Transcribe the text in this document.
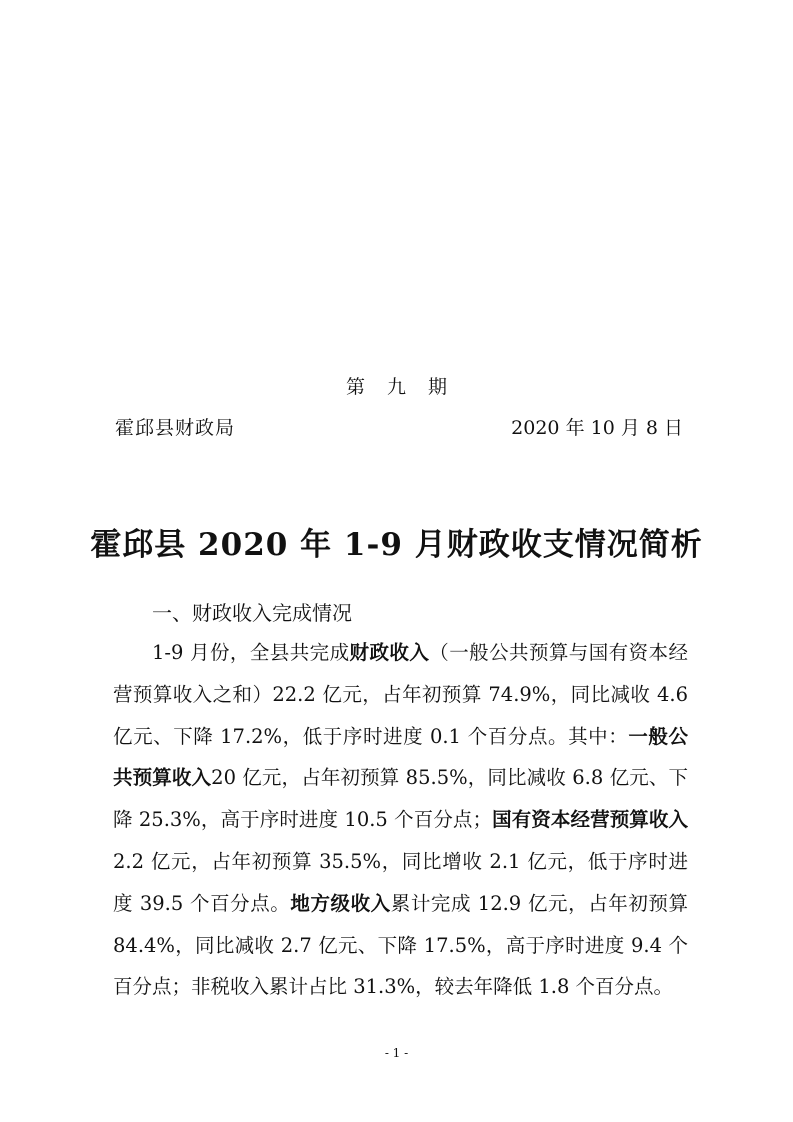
第 九 期
霍邱县财政局	2020 年 10 月 8 日
霍邱县 2020 年 1-9 月财政收支情况简析
一、财政收入完成情况

1-9 月份，全县共完成财政收入（一般公共预算与国有资本经营预算收入之和）22.2 亿元，占年初预算 74.9%，同比减收 4.6 亿元、下降 17.2%，低于序时进度 0.1 个百分点。其中：一般公共预算收入20 亿元，占年初预算 85.5%，同比减收 6.8 亿元、下降 25.3%，高于序时进度 10.5 个百分点；国有资本经营预算收入2.2 亿元，占年初预算 35.5%，同比增收 2.1 亿元，低于序时进度 39.5 个百分点。地方级收入累计完成 12.9 亿元，占年初预算 84.4%，同比减收 2.7 亿元、下降 17.5%，高于序时进度 9.4 个百分点；非税收入累计占比 31.3%，较去年降低 1.8 个百分点。

- 1 -
